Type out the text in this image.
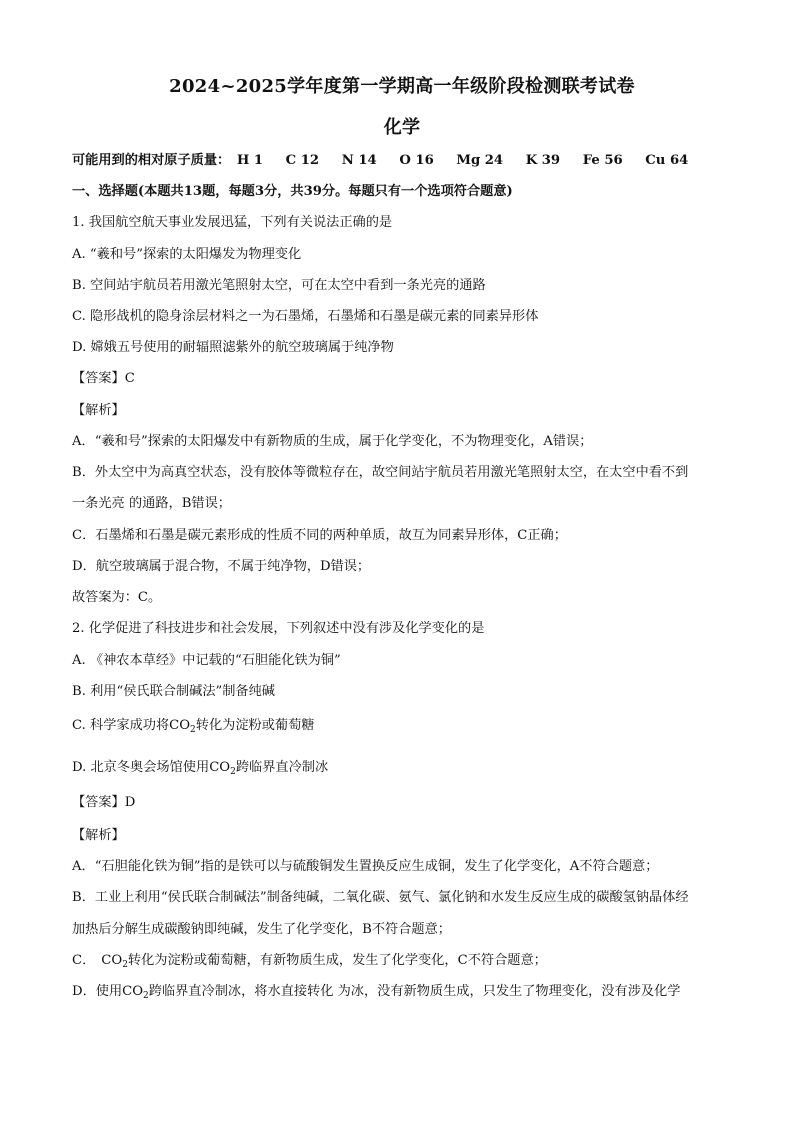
2024~2025学年度第一学期高一年级阶段检测联考试卷
化学
可能用到的相对原子质量： H 1 C 12 N 14 O 16 Mg 24 K 39 Fe 56 Cu 64
一、选择题(本题共13题，每题3分，共39分。每题只有一个选项符合题意)
1. 我国航空航天事业发展迅猛，下列有关说法正确的是
A. “羲和号”探索的太阳爆发为物理变化
B. 空间站宇航员若用激光笔照射太空，可在太空中看到一条光亮的通路
C. 隐形战机的隐身涂层材料之一为石墨烯，石墨烯和石墨是碳元素的同素异形体
D. 嫦娥五号使用的耐辐照滤紫外的航空玻璃属于纯净物
【答案】C
【解析】
A．“羲和号”探索的太阳爆发中有新物质的生成，属于化学变化，不为物理变化，A错误；
B．外太空中为高真空状态，没有胶体等微粒存在，故空间站宇航员若用激光笔照射太空，在太空中看不到
一条光亮 的通路，B错误；
C．石墨烯和石墨是碳元素形成的性质不同的两种单质，故互为同素异形体，C正确；
D．航空玻璃属于混合物，不属于纯净物，D错误；
故答案为：C。
2. 化学促进了科技进步和社会发展，下列叙述中没有涉及化学变化的是
A. 《神农本草经》中记载的“石胆能化铁为铜”
B. 利用“侯氏联合制碱法”制备纯碱
C. 科学家成功将$CO_2$转化为淀粉或葡萄糖
D. 北京冬奥会场馆使用$CO_2$跨临界直冷制冰
【答案】D
【解析】
A．“石胆能化铁为铜”指的是铁可以与硫酸铜发生置换反应生成铜，发生了化学变化，A不符合题意；
B．工业上利用“侯氏联合制碱法”制备纯碱，二氧化碳、氨气、氯化钠和水发生反应生成的碳酸氢钠晶体经
加热后分解生成碳酸钠即纯碱，发生了化学变化，B不符合题意；
C． $CO_2$转化为淀粉或葡萄糖，有新物质生成，发生了化学变化，C不符合题意；
D．使用$CO_2$跨临界直冷制冰，将水直接转化 为冰，没有新物质生成，只发生了物理变化，没有涉及化学
